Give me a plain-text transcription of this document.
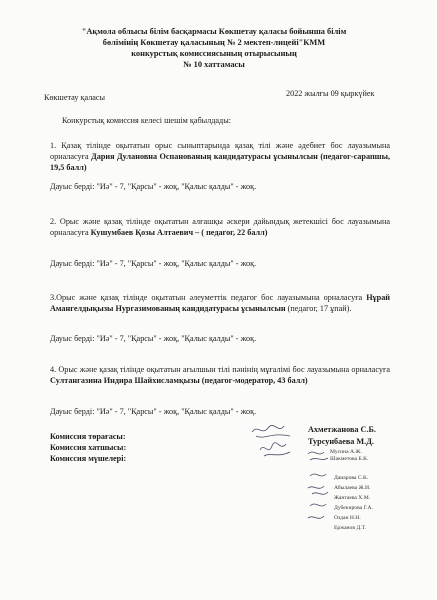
"Ақмола облысы білім басқармасы Көкшетау қаласы бойынша білім
бөлімінің Көкшетау қаласының № 2 мектеп-лицейі"КММ
конкурстық комиссиясының отырысының
№ 10 хаттамасы
Көкшетау қаласы	2022 жылғы 09 қыркүйек
Конкурстық комиссия келесі шешім қабылдады:
1. Қазақ тілінде оқытатын орыс сыныптарында қазақ тілі және әдебиет бос лауазымына орналасуға Дария Дулановна Оспанованың кандидатурасы ұсынылсын (педагог-сарапшы, 19,5 балл)
Дауыс берді: "Иә" - 7, "Қарсы" - жоқ, "Қалыс қалды" - жоқ.
2. Орыс және қазақ тілінде оқытатын алғашқы әскери дайындық жетекшісі бос лауазымына орналасуға Кушумбаев Қозы Алтаевич – ( педагог, 22 балл)
Дауыс берді: "Иә" - 7, "Қарсы" - жоқ, "Қалыс қалды" - жоқ.
3.Орыс және қазақ тілінде оқытатын әлеуметтік педагог бос лауазымына орналасуға Нұрай Амангелдықызы Нургазимованың кандидатурасы ұсынылсын (педагог, 17 ұпай).
Дауыс берді: "Иә" - 7, "Қарсы" - жоқ, "Қалыс қалды" - жоқ.
4. Орыс және қазақ тілінде оқытатын ағылшын тілі пәнінің мұғалімі бос лауазымына орналасуға Султангазина Индира Шайхисламқызы (педагог-модератор, 43 балл)
Дауыс берді: "Иә" - 7, "Қарсы" - жоқ, "Қалыс қалды" - жоқ.
Комиссия төрағасы:
Комиссия хатшысы:
Комиссия мүшелері:
Ахметжанова С.Б.
Турсунбаева М.Д.
Мусина А.Ж.
Шакметова Б.К.
Данарова С.К.
Абылаева Ж.И.
Жантаева Х.М.
Дубекирова Г.А.
Оздан Н.Н.
Ержанов Д.Т.
